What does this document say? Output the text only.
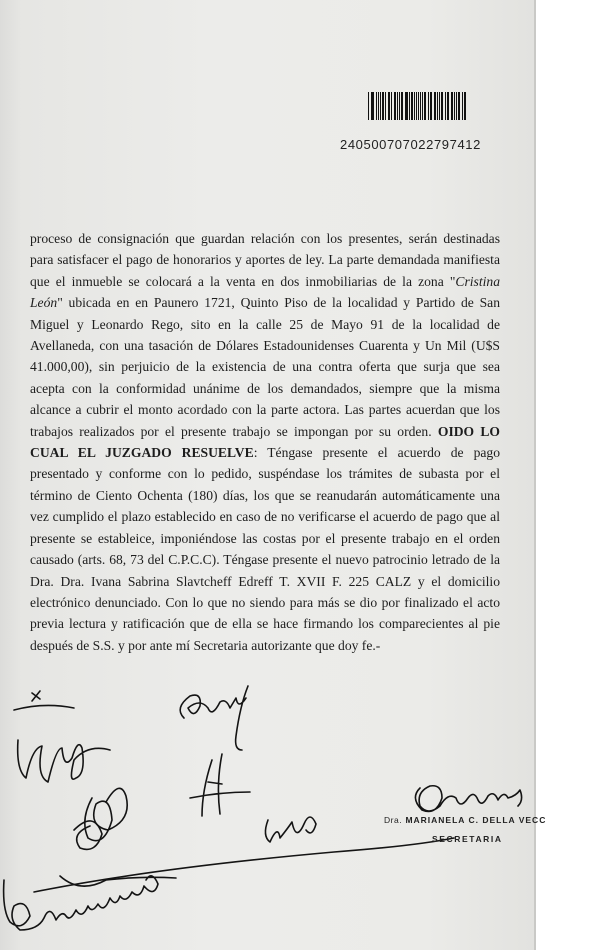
240500707022797412
proceso de consignación que guardan relación con los presentes, serán destinadas
para satisfacer el pago de honorarios y aportes de ley. La parte demandada manifiesta
que el inmueble se colocará a la venta en dos inmobiliarias de la zona "Cristina
León" ubicada en en Paunero 1721, Quinto Piso de la localidad y Partido de San
Miguel y Leonardo Rego, sito en la calle 25 de Mayo 91 de la localidad de
Avellaneda, con una tasación de Dólares Estadounidenses Cuarenta y Un Mil (U$S
41.000,00), sin perjuicio de la existencia de una contra oferta que surja que sea
acepta con la conformidad unánime de los demandados, siempre que la misma
alcance a cubrir el monto acordado con la parte actora. Las partes acuerdan que los
trabajos realizados por el presente trabajo se impongan por su orden. OIDO LO
CUAL EL JUZGADO RESUELVE: Téngase presente el acuerdo de pago
presentado y conforme con lo pedido, suspéndase los trámites de subasta por el
término de Ciento Ochenta (180) días, los que se reanudarán automáticamente una
vez cumplido el plazo establecido en caso de no verificarse el acuerdo de pago que al
presente se estableice, imponiéndose las costas por el presente trabajo en el orden
causado (arts. 68, 73 del C.P.C.C). Téngase presente el nuevo patrocinio letrado de la
Dra. Dra. Ivana Sabrina Slavtcheff Edreff T. XVII F. 225 CALZ y el domicilio
electrónico denunciado. Con lo que no siendo para más se dio por finalizado el acto
previa lectura y ratificación que de ella se hace firmando los comparecientes al pie
después de S.S. y por ante mí Secretaria autorizante que doy fe.-
Dra. MARIANELA C. DELLA VECC
SECRETARIA
